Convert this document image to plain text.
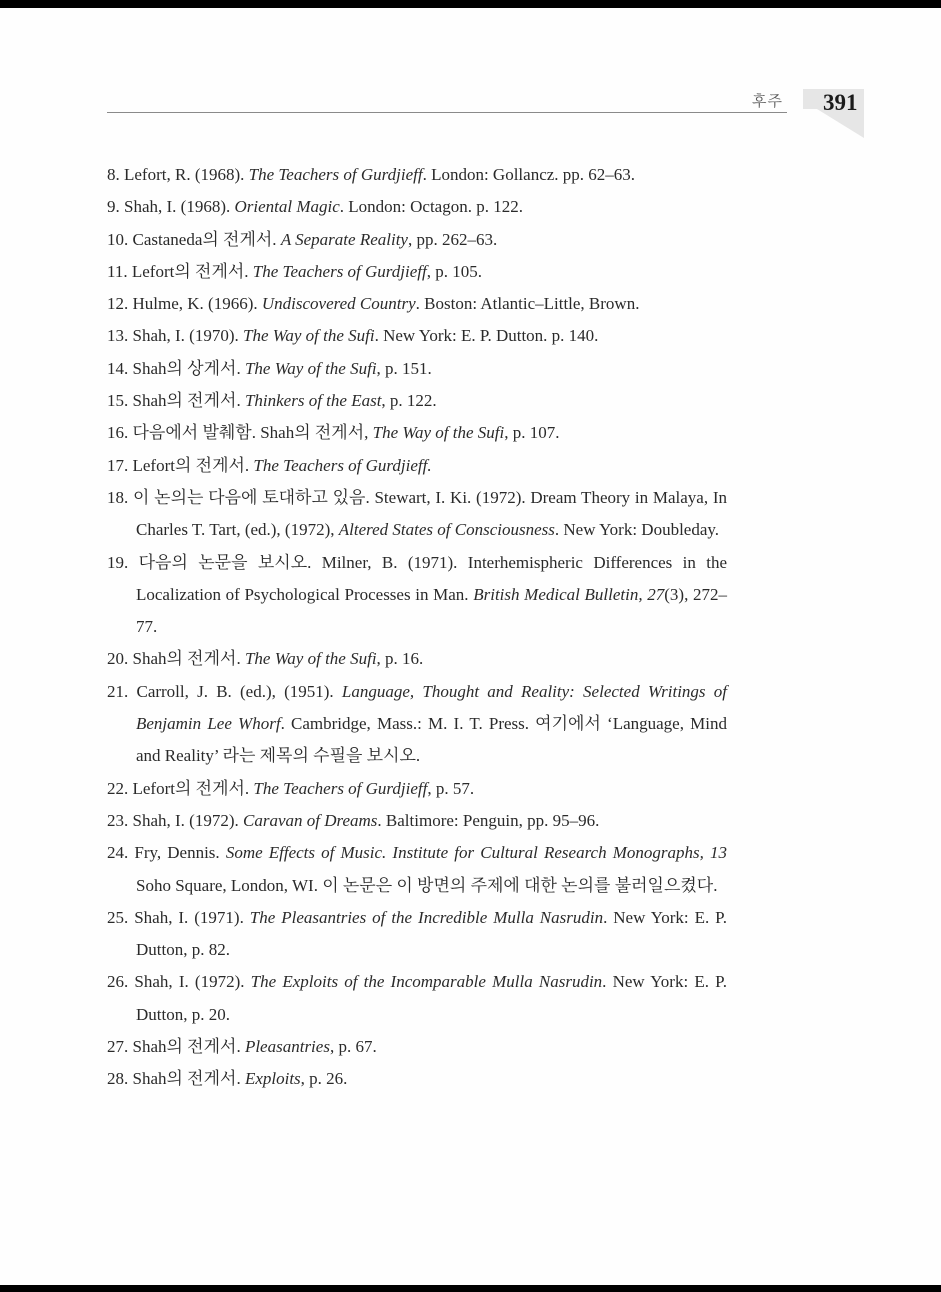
후주 391
8. Lefort, R. (1968). The Teachers of Gurdjieff. London: Gollancz. pp. 62–63.
9. Shah, I. (1968). Oriental Magic. London: Octagon. p. 122.
10. Castaneda의 전게서. A Separate Reality, pp. 262–63.
11. Lefort의 전게서. The Teachers of Gurdjieff, p. 105.
12. Hulme, K. (1966). Undiscovered Country. Boston: Atlantic–Little, Brown.
13. Shah, I. (1970). The Way of the Sufi. New York: E. P. Dutton. p. 140.
14. Shah의 상게서. The Way of the Sufi, p. 151.
15. Shah의 전게서. Thinkers of the East, p. 122.
16. 다음에서 발췌함. Shah의 전게서, The Way of the Sufi, p. 107.
17. Lefort의 전게서. The Teachers of Gurdjieff.
18. 이 논의는 다음에 토대하고 있음. Stewart, I. Ki. (1972). Dream Theory in Malaya, In Charles T. Tart, (ed.), (1972), Altered States of Consciousness. New York: Doubleday.
19. 다음의 논문을 보시오. Milner, B. (1971). Interhemispheric Differences in the Localization of Psychological Processes in Man. British Medical Bulletin, 27(3), 272–77.
20. Shah의 전게서. The Way of the Sufi, p. 16.
21. Carroll, J. B. (ed.), (1951). Language, Thought and Reality: Selected Writings of Benjamin Lee Whorf. Cambridge, Mass.: M. I. T. Press. 여기에서 ‘Language, Mind and Reality’ 라는 제목의 수필을 보시오.
22. Lefort의 전게서. The Teachers of Gurdjieff, p. 57.
23. Shah, I. (1972). Caravan of Dreams. Baltimore: Penguin, pp. 95–96.
24. Fry, Dennis. Some Effects of Music. Institute for Cultural Research Monographs, 13 Soho Square, London, WI. 이 논문은 이 방면의 주제에 대한 논의를 불러일으켰다.
25. Shah, I. (1971). The Pleasantries of the Incredible Mulla Nasrudin. New York: E. P. Dutton, p. 82.
26. Shah, I. (1972). The Exploits of the Incomparable Mulla Nasrudin. New York: E. P. Dutton, p. 20.
27. Shah의 전게서. Pleasantries, p. 67.
28. Shah의 전게서. Exploits, p. 26.
